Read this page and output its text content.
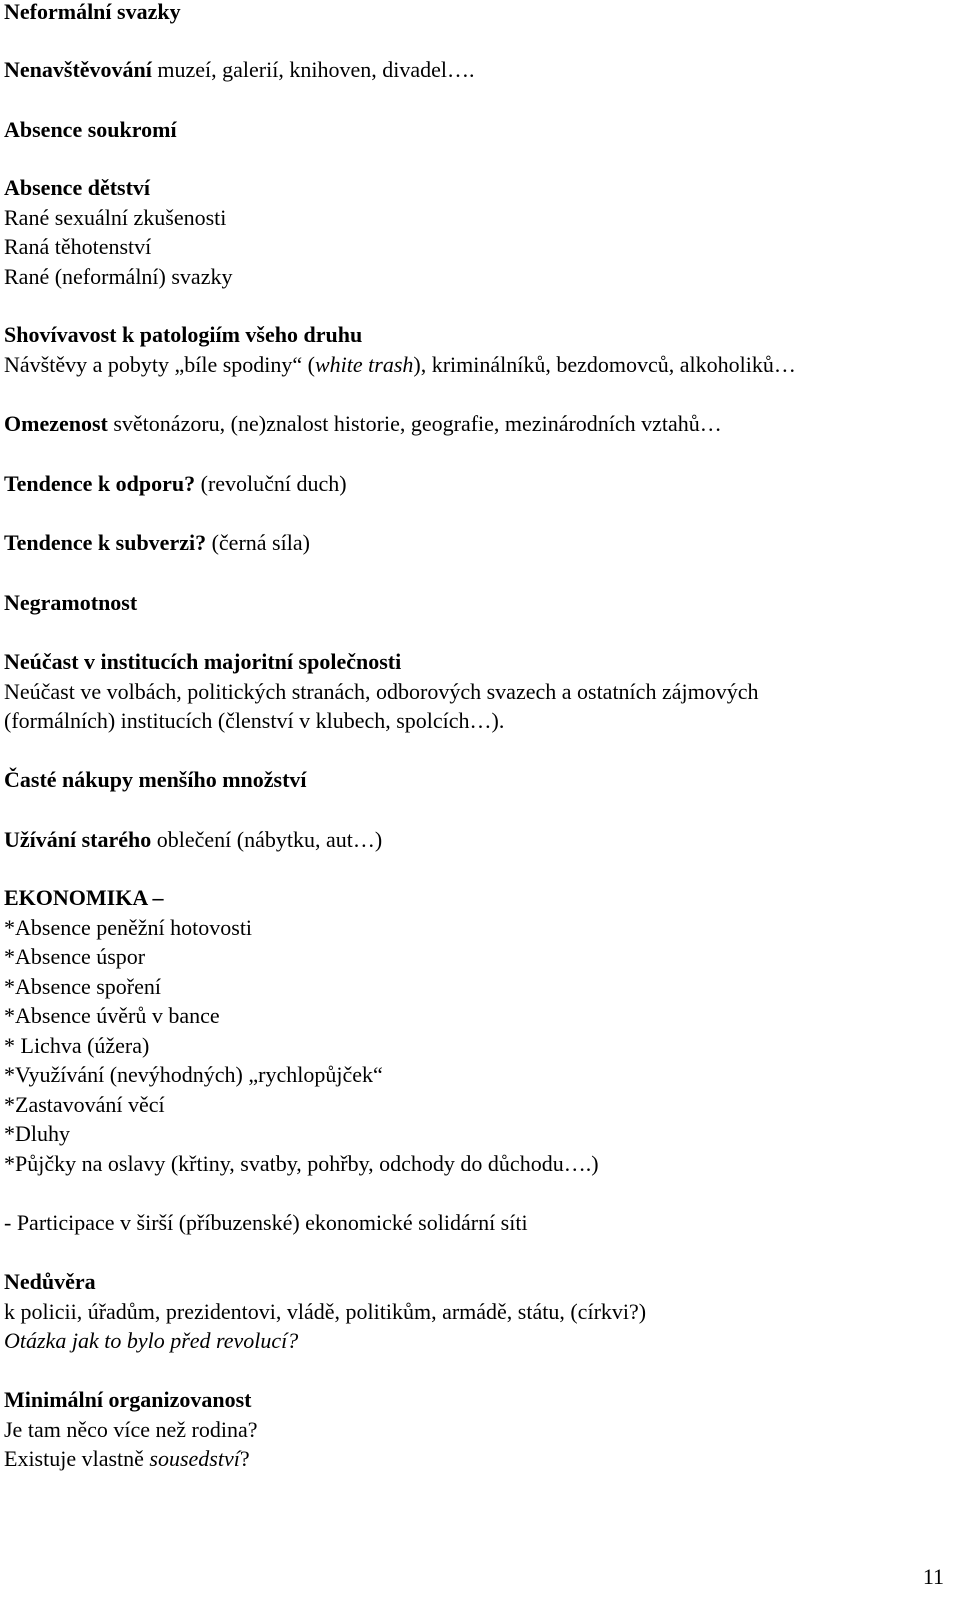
Neformální svazky
Nenavštěvování muzeí, galerií, knihoven, divadel….
Absence soukromí
Absence dětství
Rané sexuální zkušenosti
Raná těhotenství
Rané (neformální) svazky
Shovívavost k patologiím všeho druhu
Návštěvy a pobyty „bíle spodiny“ (white trash), kriminálníků, bezdomovců, alkoholiků…
Omezenost světonázoru, (ne)znalost historie, geografie, mezinárodních vztahů…
Tendence k odporu? (revoluční duch)
Tendence k subverzi? (černá síla)
Negramotnost
Neúčast v institucích majoritní společnosti
Neúčast ve volbách, politických stranách, odborových svazech a ostatních zájmových
(formálních) institucích (členství v klubech, spolcích…).
Časté nákupy menšího množství
Užívání starého oblečení (nábytku, aut…)
EKONOMIKA –
*Absence peněžní hotovosti
*Absence úspor
*Absence spoření
*Absence úvěrů v bance
* Lichva (úžera)
*Využívání (nevýhodných) „rychlopůjček“
*Zastavování věcí
*Dluhy
*Půjčky na oslavy (křtiny, svatby, pohřby, odchody do důchodu….)
- Participace v širší (příbuzenské) ekonomické solidární síti
Nedůvěra
k policii, úřadům, prezidentovi, vládě, politikům, armádě, státu, (církvi?)
Otázka jak to bylo před revolucí?
Minimální organizovanost
Je tam něco více než rodina?
Existuje vlastně sousedství?
11
